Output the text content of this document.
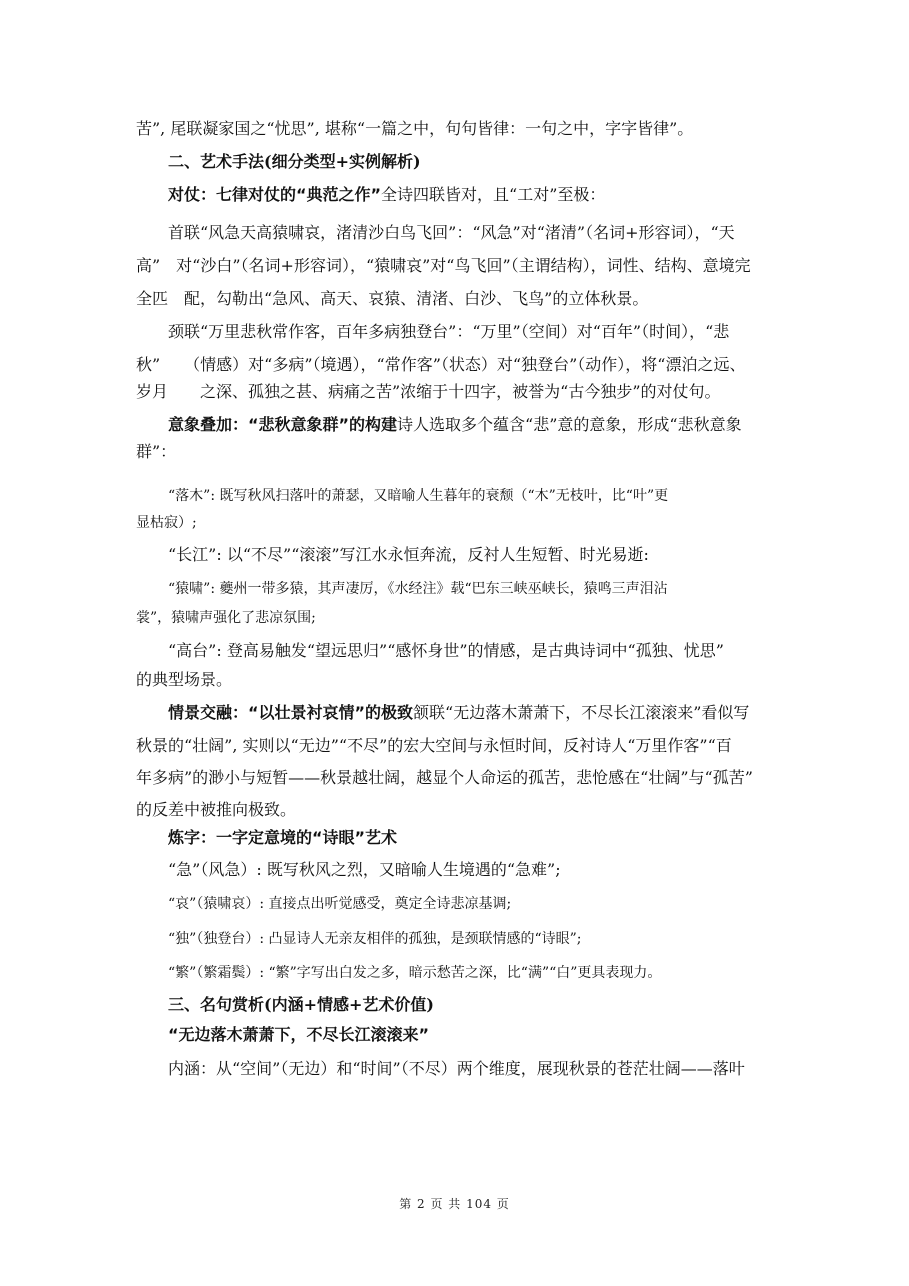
苦”, 尾联凝家国之“忧思”, 堪称“一篇之中，句句皆律：一句之中，字字皆律”。
二、艺术手法(细分类型+实例解析)
对仗：七律对仗的“典范之作”全诗四联皆对，且“工对”至极：
首联“风急天高猿啸哀，渚清沙白鸟飞回”：“风急”对“渚清”（名词+形容词），“天
高”　对“沙白”（名词+形容词），“猿啸哀”对“鸟飞回”（主谓结构），词性、结构、意境完
全匹　配，勾勒出“急风、高天、哀猿、清渚、白沙、飞鸟”的立体秋景。
颈联“万里悲秋常作客，百年多病独登台”：“万里”（空间）对“百年”（时间），“悲
秋”　　（情感）对“多病”（境遇），“常作客”（状态）对“独登台”（动作），将“漂泊之远、
岁月　　之深、孤独之甚、病痛之苦”浓缩于十四字，被誉为“古今独步”的对仗句。
意象叠加：“悲秋意象群”的构建诗人选取多个蕴含“悲”意的意象，形成“悲秋意象
群”：
“落木”: 既写秋风扫落叶的萧瑟，又暗喻人生暮年的衰颓（“木”无枝叶，比“叶”更
显枯寂）;
“长江”: 以“不尽”“滚滚”写江水永恒奔流，反衬人生短暂、时光易逝:
“猿啸”: 夔州一带多猿，其声凄厉，《水经注》载“巴东三峡巫峡长，猿鸣三声泪沾
裳”，猿啸声强化了悲凉氛围;
“高台”: 登高易触发“望远思归”“感怀身世”的情感，是古典诗词中“孤独、忧思”
的典型场景。
情景交融：“以壮景衬哀情”的极致颔联“无边落木萧萧下，不尽长江滚滚来”看似写
秋景的“壮阔”, 实则以“无边”“不尽”的宏大空间与永恒时间，反衬诗人“万里作客”“百
年多病”的渺小与短暂——秋景越壮阔，越显个人命运的孤苦，悲怆感在“壮阔”与“孤苦”
的反差中被推向极致。
炼字：一字定意境的“诗眼”艺术
“急”（风急）: 既写秋风之烈，又暗喻人生境遇的“急难”;
“哀”（猿啸哀）: 直接点出听觉感受，奠定全诗悲凉基调;
“独”（独登台）: 凸显诗人无亲友相伴的孤独，是颈联情感的“诗眼”;
“繁”（繁霜鬓）: “繁”字写出白发之多，暗示愁苦之深，比“满”“白”更具表现力。
三、名句赏析(内涵+情感+艺术价值)
“无边落木萧萧下，不尽长江滚滚来”
内涵：从“空间”（无边）和“时间”（不尽）两个维度，展现秋景的苍茫壮阔——落叶
第 2 页 共 104 页
